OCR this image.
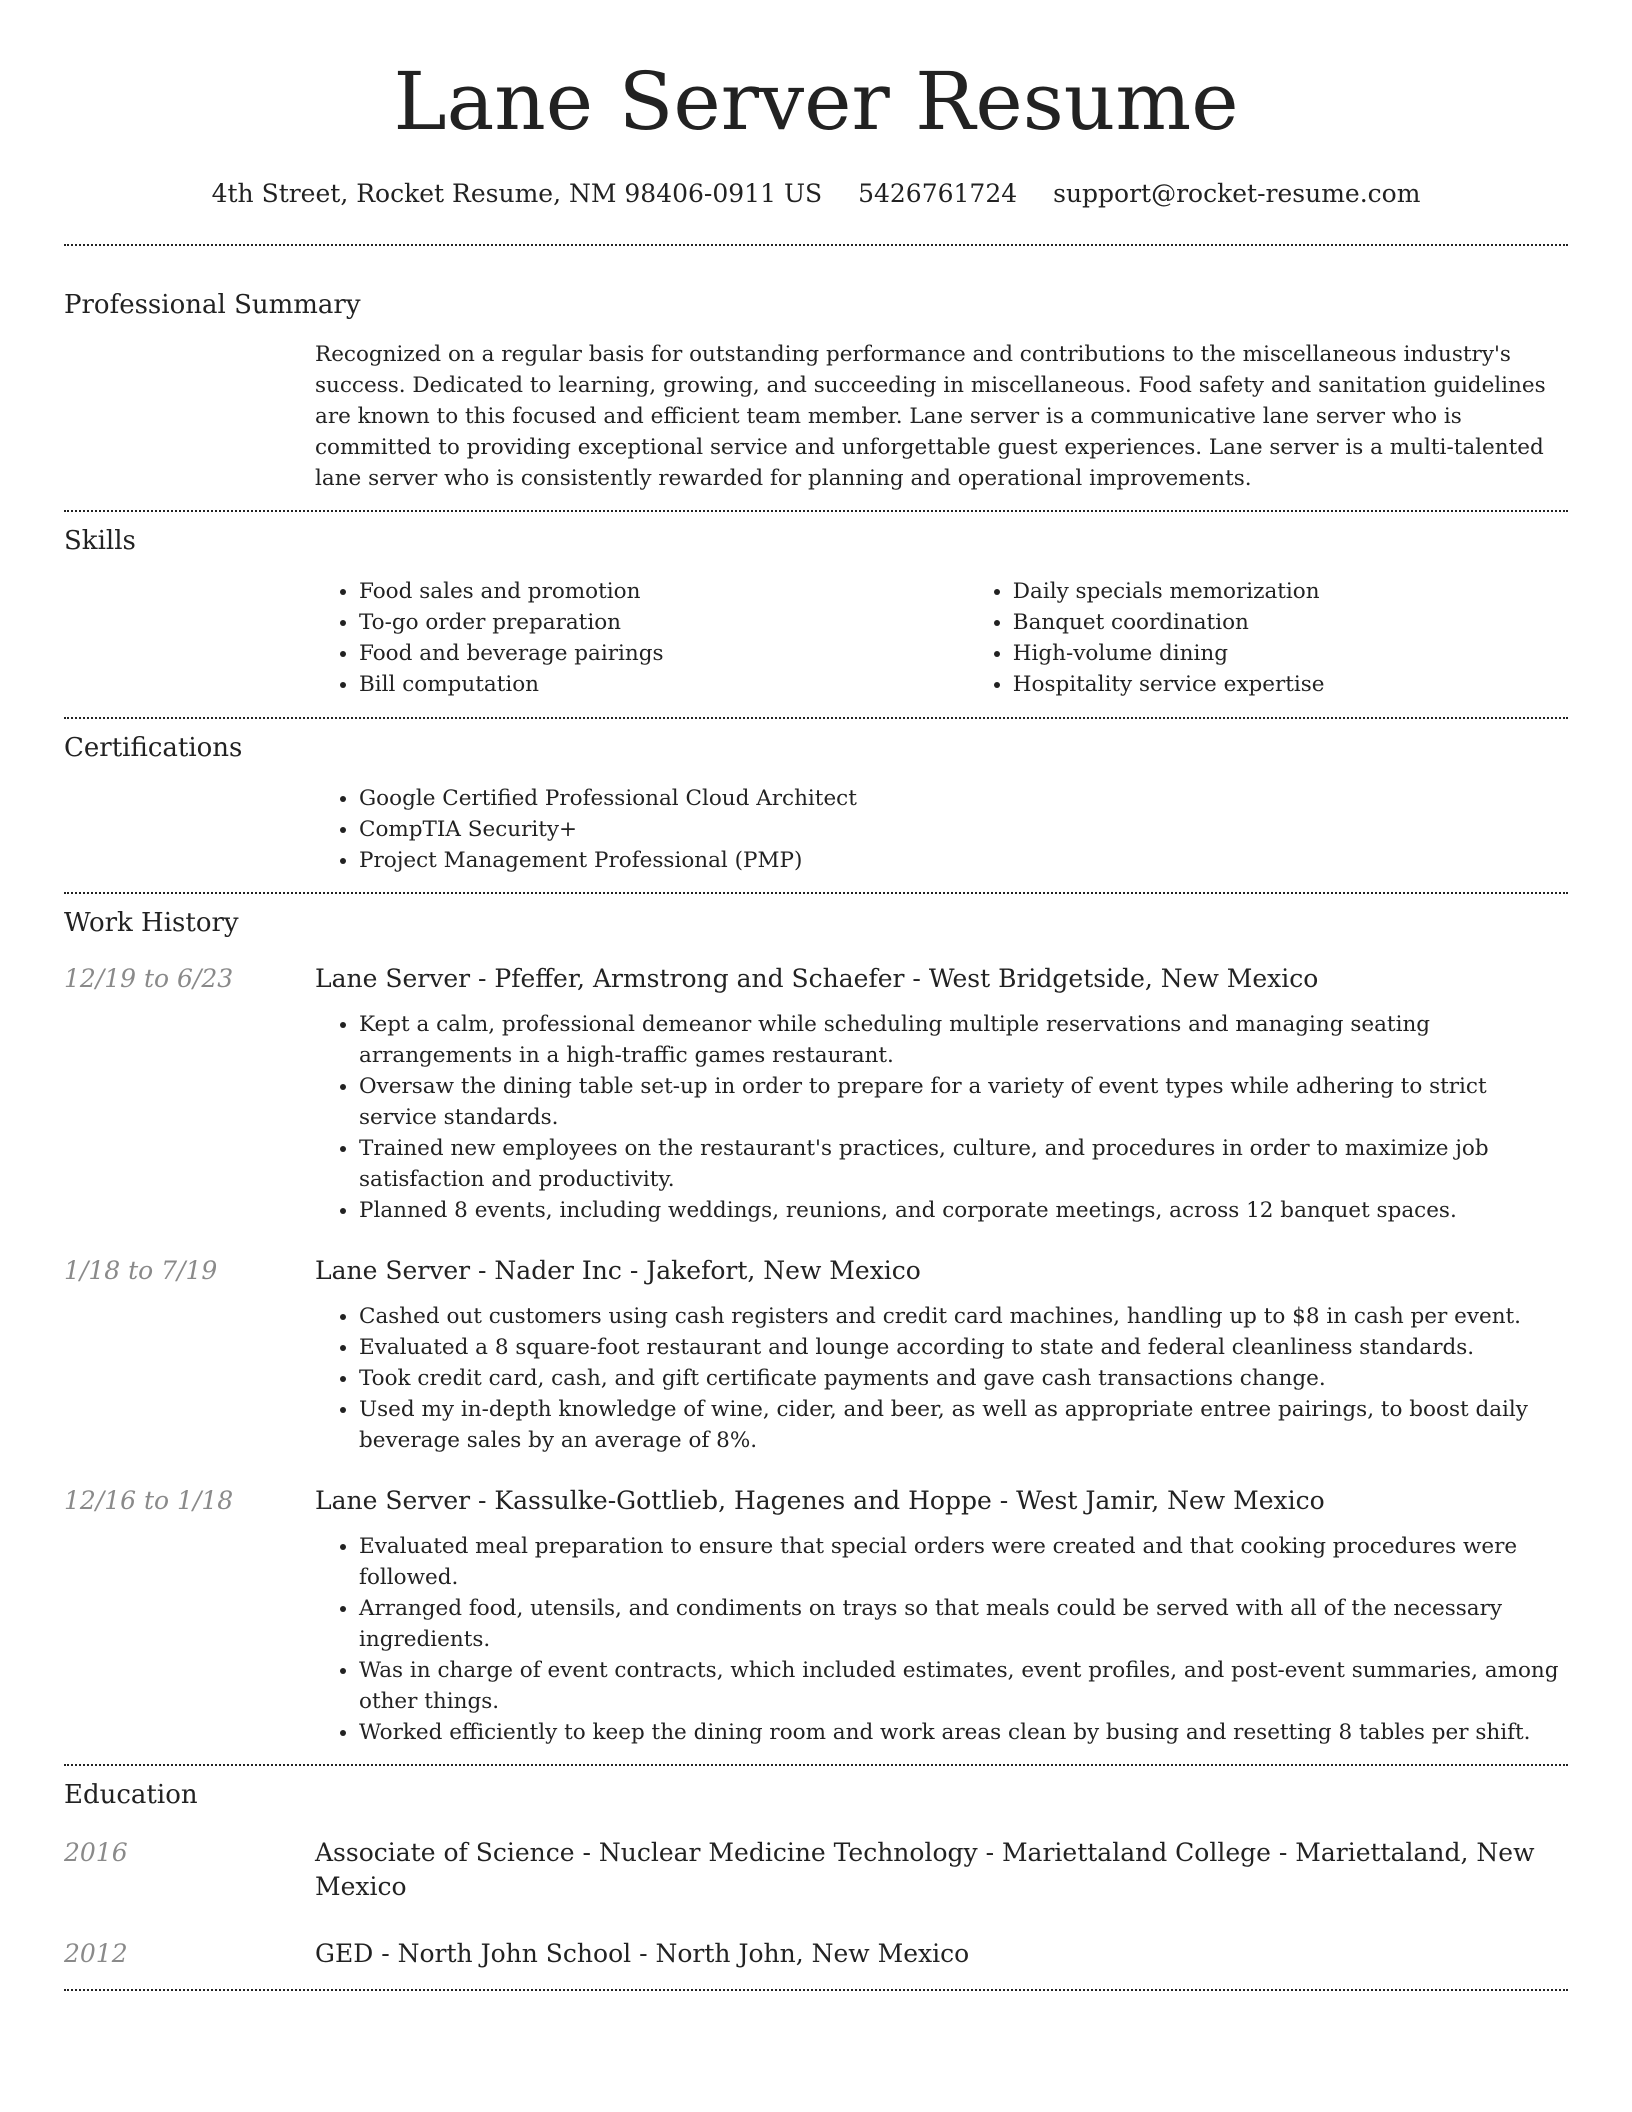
Lane Server Resume
4th Street, Rocket Resume, NM 98406-0911 US 5426761724 support@rocket-resume.com
Professional Summary

Recognized on a regular basis for outstanding performance and contributions to the miscellaneous industry's success. Dedicated to learning, growing, and succeeding in miscellaneous. Food safety and sanitation guidelines are known to this focused and efficient team member. Lane server is a communicative lane server who is committed to providing exceptional service and unforgettable guest experiences. Lane server is a multi-talented lane server who is consistently rewarded for planning and operational improvements.

Skills
• Food sales and promotion
• To-go order preparation
• Food and beverage pairings
• Bill computation
• Daily specials memorization
• Banquet coordination
• High-volume dining
• Hospitality service expertise
Certifications
• Google Certified Professional Cloud Architect
• CompTIA Security+
• Project Management Professional (PMP)
Work History
12/19 to 6/23	Lane Server - Pfeffer, Armstrong and Schaefer - West Bridgetside, New Mexico
• Kept a calm, professional demeanor while scheduling multiple reservations and managing seating arrangements in a high-traffic games restaurant.
• Oversaw the dining table set-up in order to prepare for a variety of event types while adhering to strict service standards.
• Trained new employees on the restaurant's practices, culture, and procedures in order to maximize job satisfaction and productivity.
• Planned 8 events, including weddings, reunions, and corporate meetings, across 12 banquet spaces.
1/18 to 7/19	Lane Server - Nader Inc - Jakefort, New Mexico
• Cashed out customers using cash registers and credit card machines, handling up to $8 in cash per event.
• Evaluated a 8 square-foot restaurant and lounge according to state and federal cleanliness standards.
• Took credit card, cash, and gift certificate payments and gave cash transactions change.
• Used my in-depth knowledge of wine, cider, and beer, as well as appropriate entree pairings, to boost daily beverage sales by an average of 8%.
12/16 to 1/18	Lane Server - Kassulke-Gottlieb, Hagenes and Hoppe - West Jamir, New Mexico
• Evaluated meal preparation to ensure that special orders were created and that cooking procedures were followed.
• Arranged food, utensils, and condiments on trays so that meals could be served with all of the necessary ingredients.
• Was in charge of event contracts, which included estimates, event profiles, and post-event summaries, among other things.
• Worked efficiently to keep the dining room and work areas clean by busing and resetting 8 tables per shift.
Education
2016	Associate of Science - Nuclear Medicine Technology - Mariettaland College - Mariettaland, New Mexico
2012	GED - North John School - North John, New Mexico
